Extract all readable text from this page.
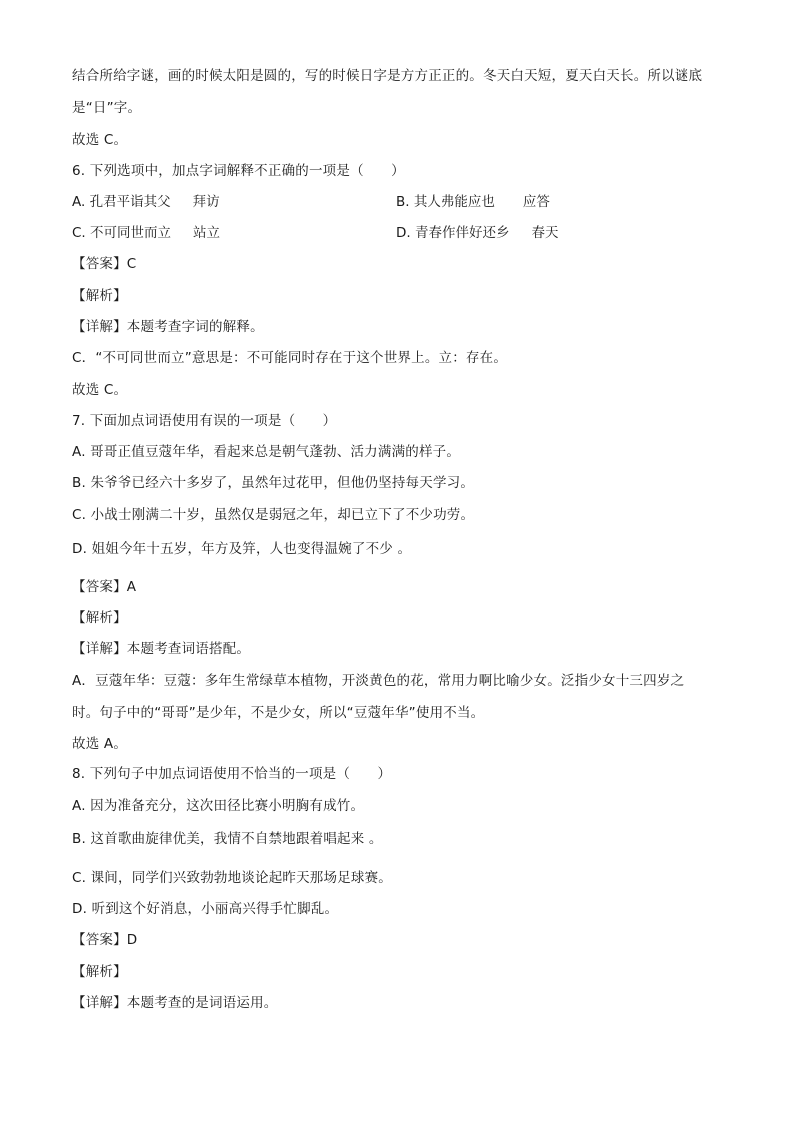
结合所给字谜，画的时候太阳是圆的，写的时候日字是方方正正的。冬天白天短，夏天白天长。所以谜底
是“日”字。
故选 C。
6. 下列选项中，加点字词解释不正确的一项是（　　）
A. 孔君平诣其父 拜访	B. 其人弗能应也 应答
C. 不可同世而立 站立	D. 青春作伴好还乡 春天
【答案】C
【解析】
【详解】本题考查字词的解释。
C．“不可同世而立”意思是：不可能同时存在于这个世界上。立：存在。
故选 C。
7. 下面加点词语使用有误的一项是（　　）
A. 哥哥正值豆蔻年华，看起来总是朝气蓬勃、活力满满的样子。
B. 朱爷爷已经六十多岁了，虽然年过花甲，但他仍坚持每天学习。
C. 小战士刚满二十岁，虽然仅是弱冠之年，却已立下了不少功劳。
D. 姐姐今年十五岁，年方及笄，人也变得温婉了不少 。
【答案】A
【解析】
【详解】本题考查词语搭配。
A．豆蔻年华：豆蔻：多年生常绿草本植物，开淡黄色的花，常用力啊比喻少女。泛指少女十三四岁之
时。句子中的“哥哥”是少年，不是少女，所以“豆蔻年华”使用不当。
故选 A。
8. 下列句子中加点词语使用不恰当的一项是（　　）
A. 因为准备充分，这次田径比赛小明胸有成竹。
B. 这首歌曲旋律优美，我情不自禁地跟着唱起来 。
C. 课间，同学们兴致勃勃地谈论起昨天那场足球赛。
D. 听到这个好消息，小丽高兴得手忙脚乱。
【答案】D
【解析】
【详解】本题考查的是词语运用。
